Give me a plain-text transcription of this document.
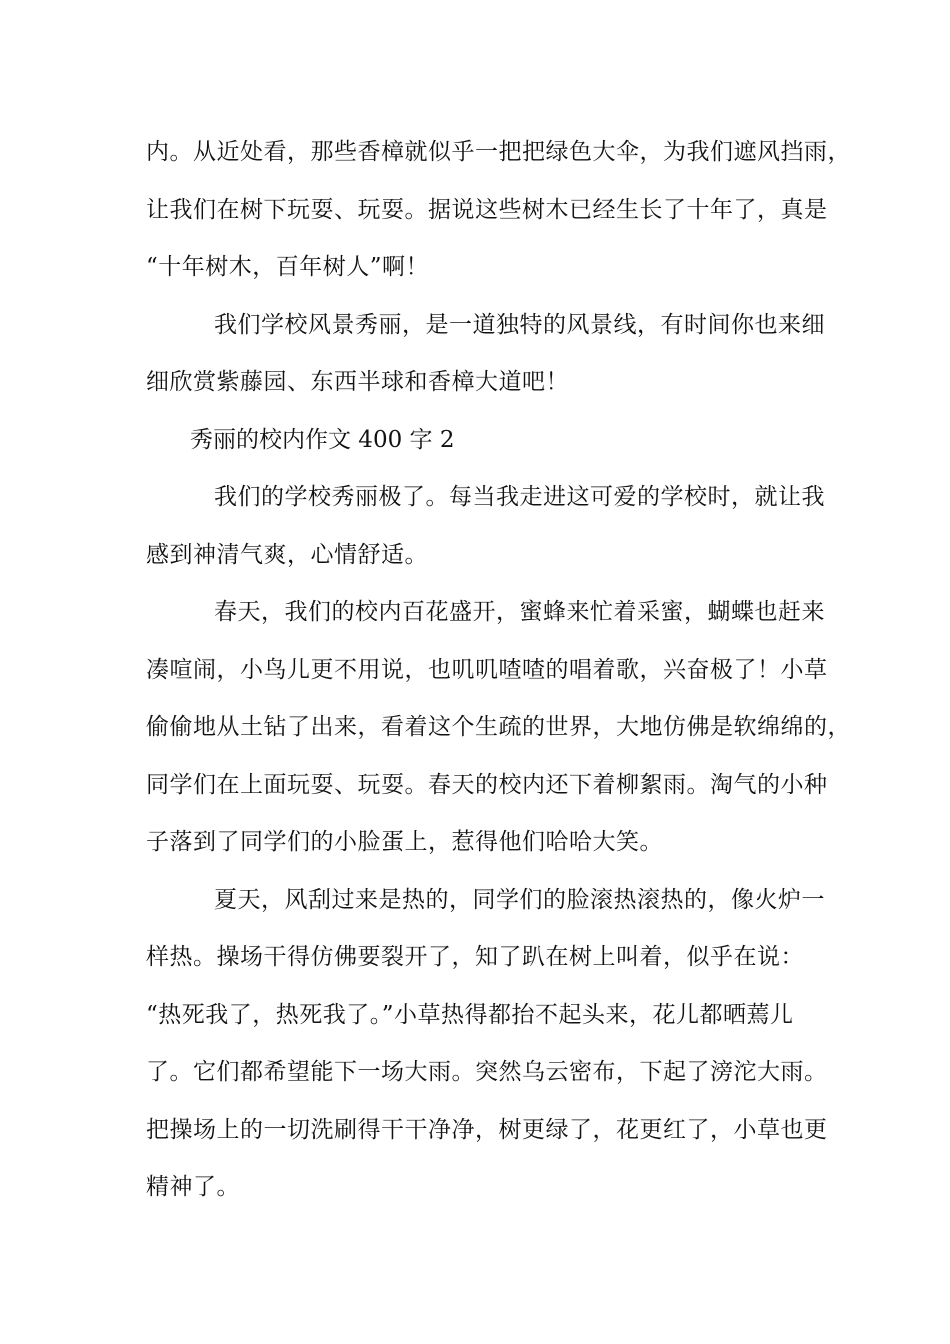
内。从近处看，那些香樟就似乎一把把绿色大伞，为我们遮风挡雨，

让我们在树下玩耍、玩耍。据说这些树木已经生长了十年了，真是

“十年树木，百年树人”啊！

我们学校风景秀丽，是一道独特的风景线，有时间你也来细

细欣赏紫藤园、东西半球和香樟大道吧！

秀丽的校内作文 400 字 2

我们的学校秀丽极了。每当我走进这可爱的学校时，就让我

感到神清气爽，心情舒适。

春天，我们的校内百花盛开，蜜蜂来忙着采蜜，蝴蝶也赶来

凑喧闹，小鸟儿更不用说，也叽叽喳喳的唱着歌，兴奋极了！小草

偷偷地从土钻了出来，看着这个生疏的世界，大地仿佛是软绵绵的，

同学们在上面玩耍、玩耍。春天的校内还下着柳絮雨。淘气的小种

子落到了同学们的小脸蛋上，惹得他们哈哈大笑。

夏天，风刮过来是热的，同学们的脸滚热滚热的，像火炉一

样热。操场干得仿佛要裂开了，知了趴在树上叫着，似乎在说：

“热死我了，热死我了。”小草热得都抬不起头来，花儿都晒蔫儿

了。它们都希望能下一场大雨。突然乌云密布，下起了滂沱大雨。

把操场上的一切洗刷得干干净净，树更绿了，花更红了，小草也更

精神了。
